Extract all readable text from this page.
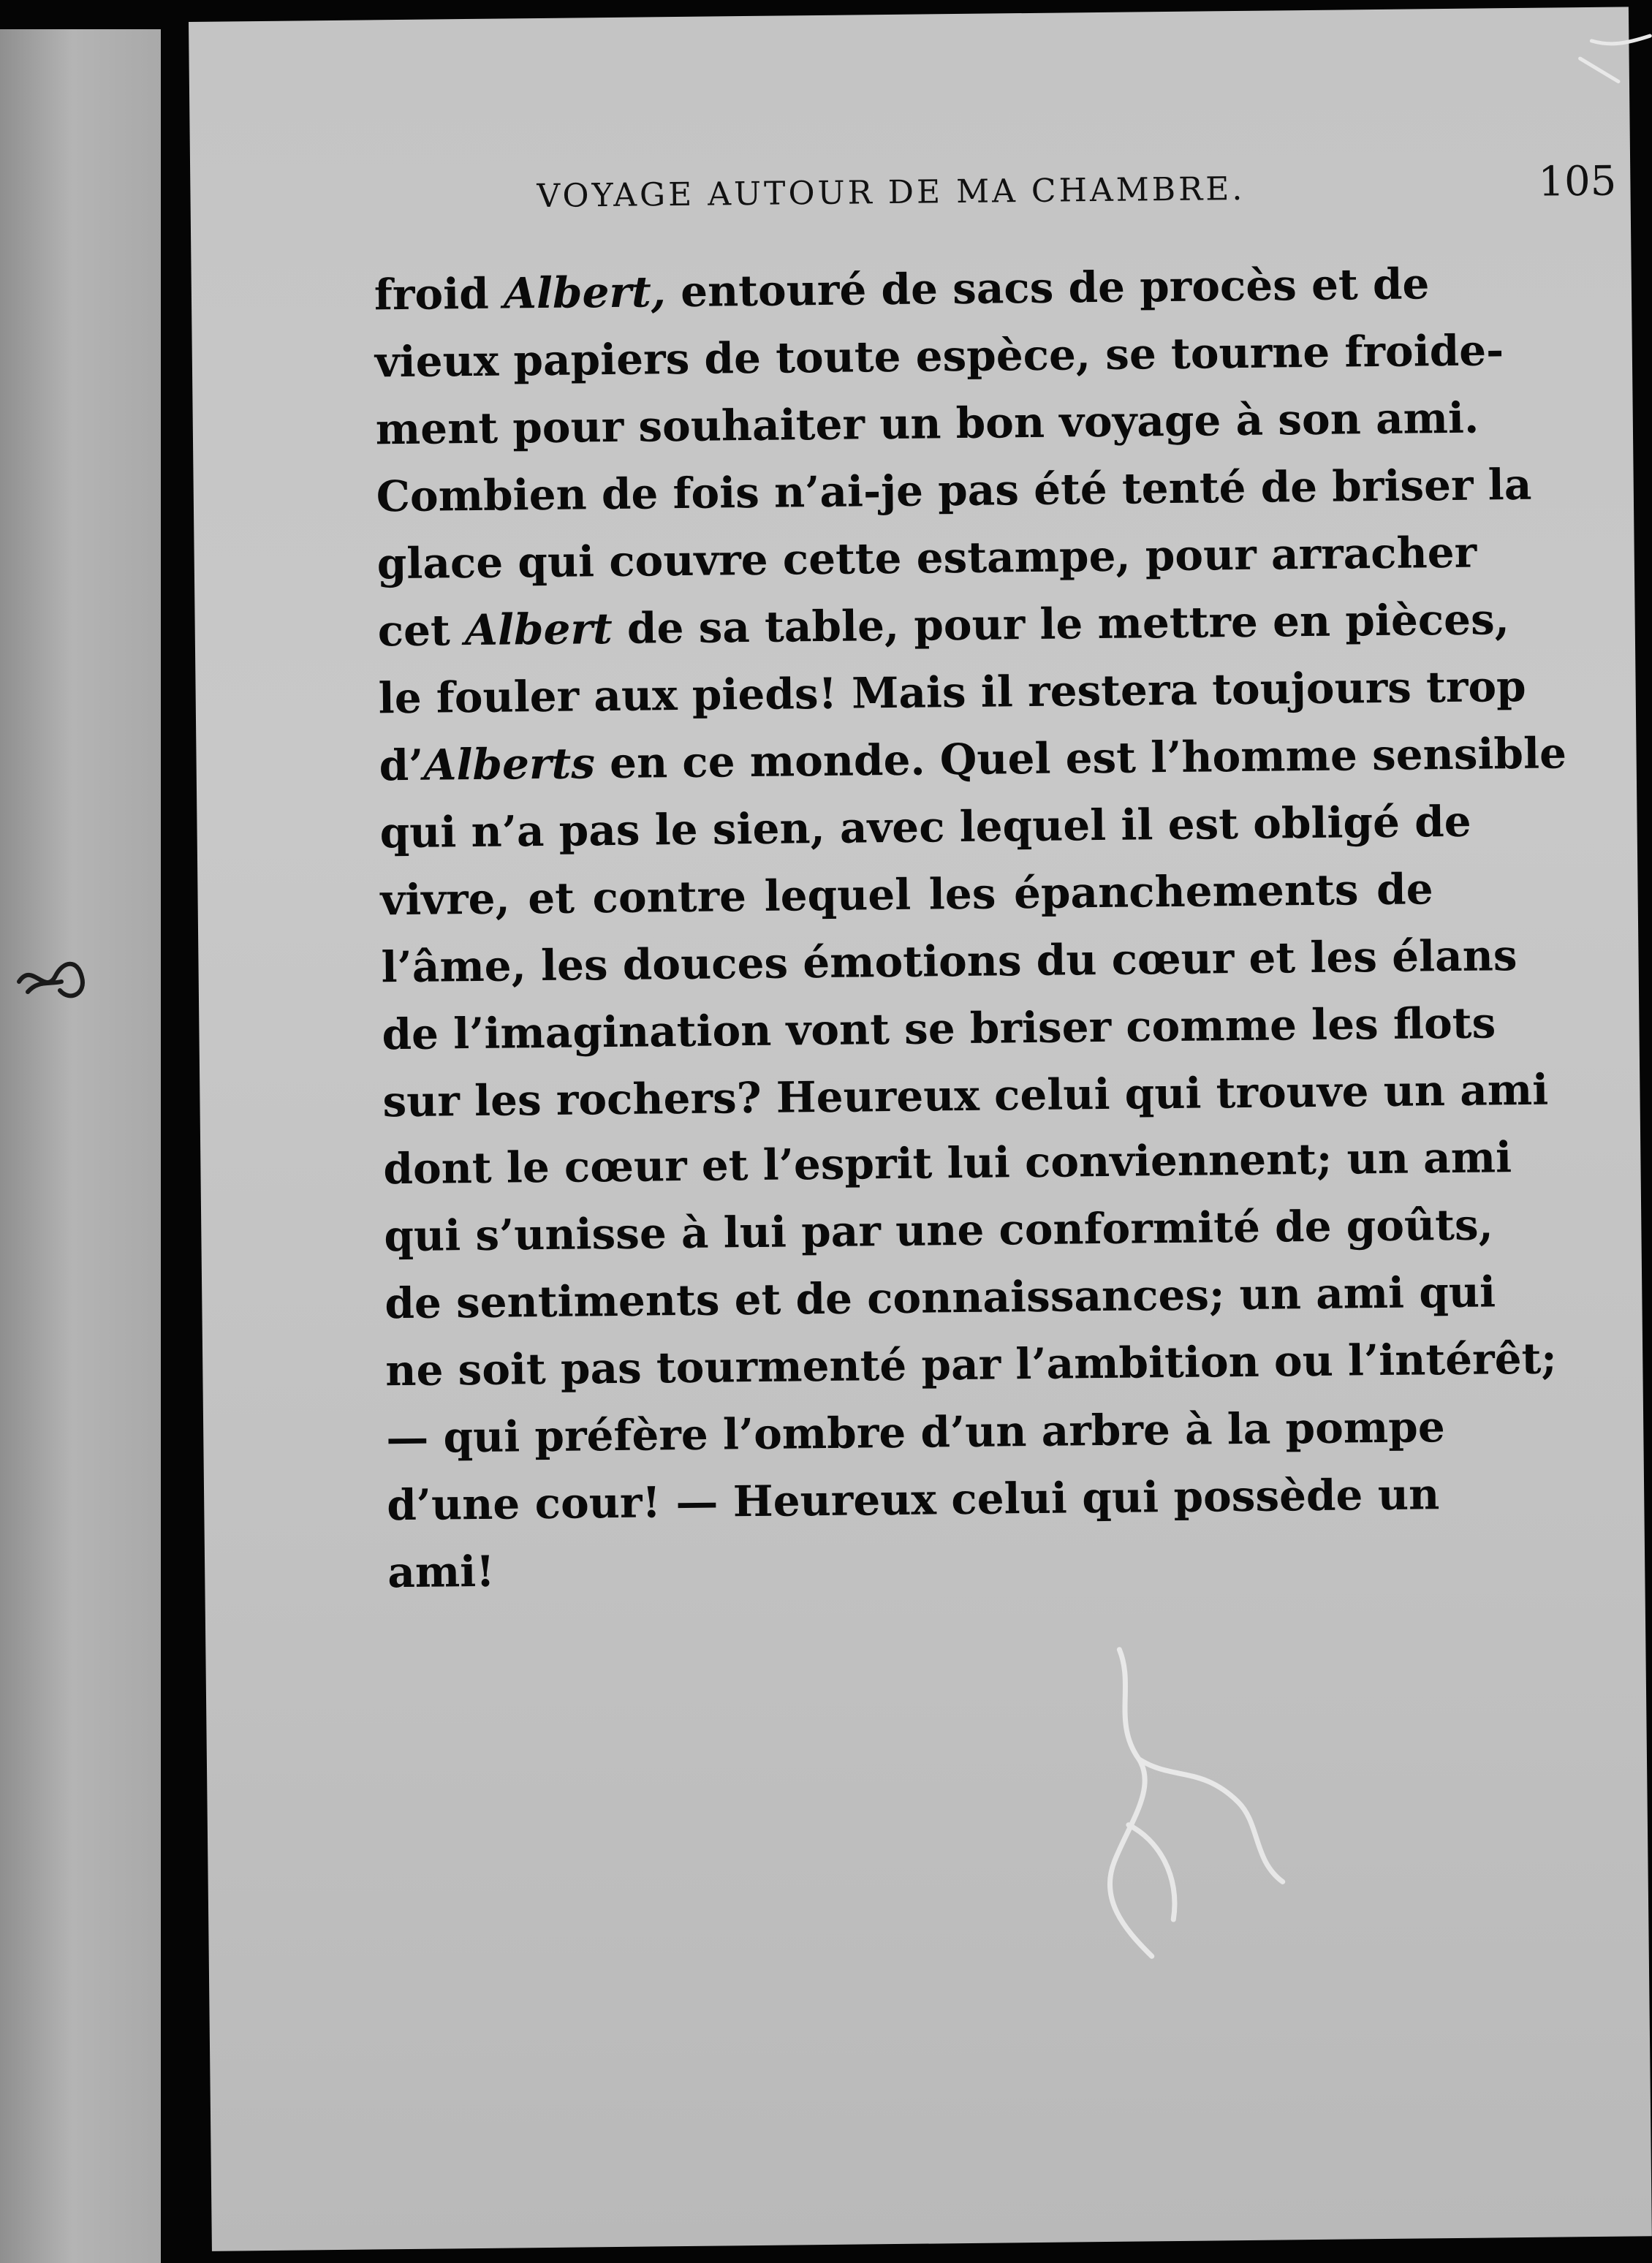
VOYAGE AUTOUR DE MA CHAMBRE.	105
froid Albert, entouré de sacs de procès et de
vieux papiers de toute espèce, se tourne froide-
ment pour souhaiter un bon voyage à son ami.
Combien de fois n’ai-je pas été tenté de briser la
glace qui couvre cette estampe, pour arracher
cet Albert de sa table, pour le mettre en pièces,
le fouler aux pieds! Mais il restera toujours trop
d’Alberts en ce monde. Quel est l’homme sensible
qui n’a pas le sien, avec lequel il est obligé de
vivre, et contre lequel les épanchements de
l’âme, les douces émotions du cœur et les élans
de l’imagination vont se briser comme les flots
sur les rochers? Heureux celui qui trouve un ami
dont le cœur et l’esprit lui conviennent; un ami
qui s’unisse à lui par une conformité de goûts,
de sentiments et de connaissances; un ami qui
ne soit pas tourmenté par l’ambition ou l’intérêt;
— qui préfère l’ombre d’un arbre à la pompe
d’une cour! — Heureux celui qui possède un
ami!
